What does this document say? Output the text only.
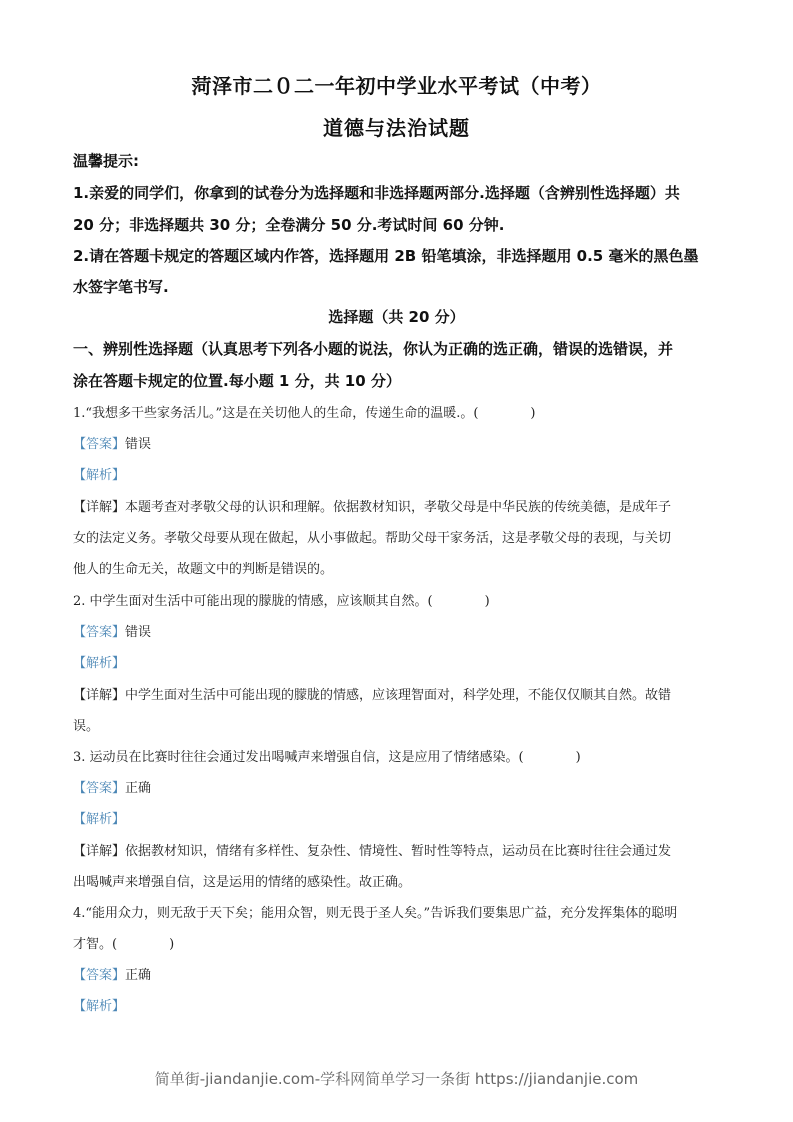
菏泽市二０二一年初中学业水平考试（中考）
道德与法治试题
温馨提示:
1.亲爱的同学们，你拿到的试卷分为选择题和非选择题两部分.选择题（含辨别性选择题）共
20 分；非选择题共 30 分；全卷满分 50 分.考试时间 60 分钟.
2.请在答题卡规定的答题区域内作答，选择题用 2B 铅笔填涂，非选择题用 0.5 毫米的黑色墨
水签字笔书写.
选择题（共 20 分）
一、辨别性选择题（认真思考下列各小题的说法，你认为正确的选正确，错误的选错误，并
涂在答题卡规定的位置.每小题 1 分，共 10 分）
1.“我想多干些家务活儿。”这是在关切他人的生命，传递生命的温暖.。(　　　　)
【答案】错误
【解析】
【详解】本题考查对孝敬父母的认识和理解。依据教材知识，孝敬父母是中华民族的传统美德，是成年子
女的法定义务。孝敬父母要从现在做起，从小事做起。帮助父母干家务活，这是孝敬父母的表现，与关切
他人的生命无关，故题文中的判断是错误的。
2. 中学生面对生活中可能出现的朦胧的情感，应该顺其自然。(　　　　)
【答案】错误
【解析】
【详解】中学生面对生活中可能出现的朦胧的情感，应该理智面对，科学处理，不能仅仅顺其自然。故错
误。
3. 运动员在比赛时往往会通过发出喝喊声来增强自信，这是应用了情绪感染。(　　　　)
【答案】正确
【解析】
【详解】依据教材知识，情绪有多样性、复杂性、情境性、暂时性等特点，运动员在比赛时往往会通过发
出喝喊声来增强自信，这是运用的情绪的感染性。故正确。
4.“能用众力，则无敌于天下矣；能用众智，则无畏于圣人矣。”告诉我们要集思广益，充分发挥集体的聪明
才智。(　　　　)
【答案】正确
【解析】
简单街-jiandanjie.com-学科网简单学习一条街 https://jiandanjie.com
